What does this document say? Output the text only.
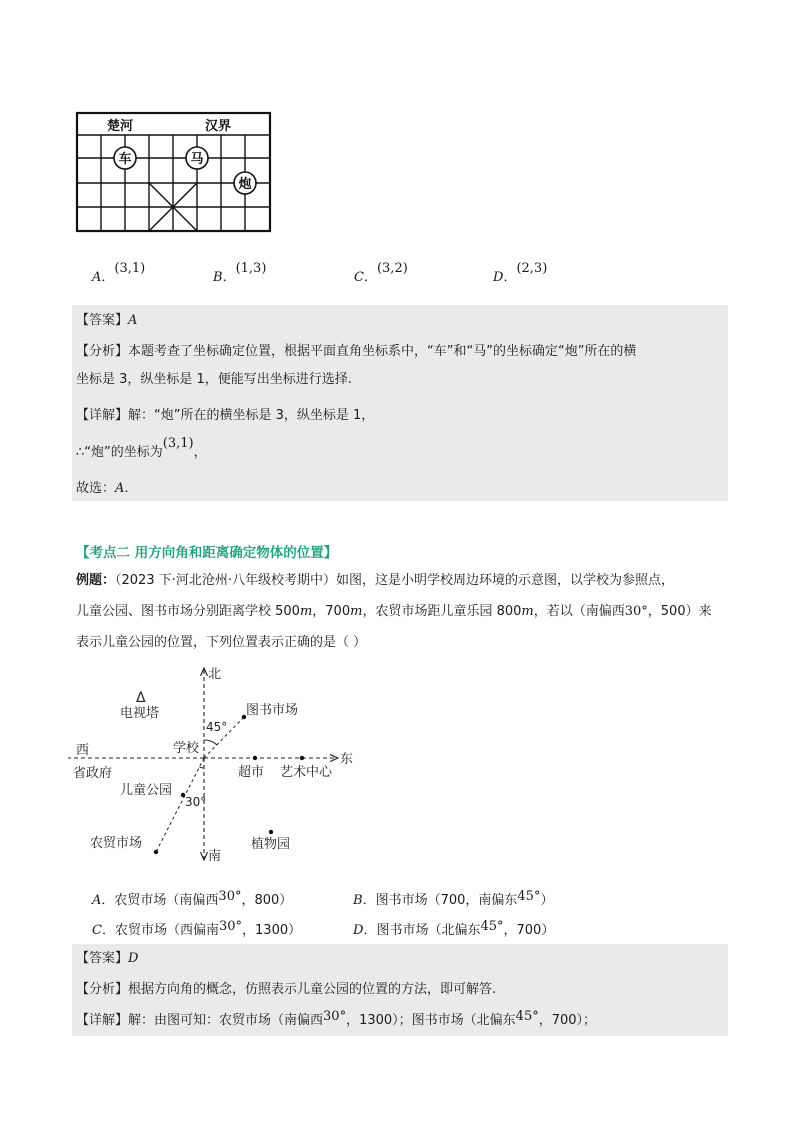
楚河	汉界
车	马
炮
A．(3,1)
B．(1,3)
C．(3,2)
D．(2,3)
【答案】A
【分析】本题考查了坐标确定位置，根据平面直角坐标系中，“车”和“马”的坐标确定“炮”所在的横
坐标是 3，纵坐标是 1，便能写出坐标进行选择.
【详解】解：“炮”所在的横坐标是 3，纵坐标是 1，
∴“炮”的坐标为(3,1)，
故选：A.
【考点二 用方向角和距离确定物体的位置】
例题：（2023 下·河北沧州·八年级校考期中）如图，这是小明学校周边环境的示意图，以学校为参照点，
儿童公园、图书市场分别距离学校 500m，700m，农贸市场距儿童乐园 800m，若以（南偏西30°，500）来
表示儿童公园的位置，下列位置表示正确的是（ ）
北
南
东
西
Δ
电视塔
45°
图书市场
学校
省政府	超市 艺术中心
儿童公园
30°
农贸市场	植物园
A．农贸市场（南偏西30°，800）	B．图书市场（700，南偏东45°）
C．农贸市场（西偏南30°，1300）	D．图书市场（北偏东45°，700）
【答案】D
【分析】根据方向角的概念，仿照表示儿童公园的位置的方法，即可解答.
【详解】解：由图可知：农贸市场（南偏西30°，1300）；图书市场（北偏东45°，700）；
